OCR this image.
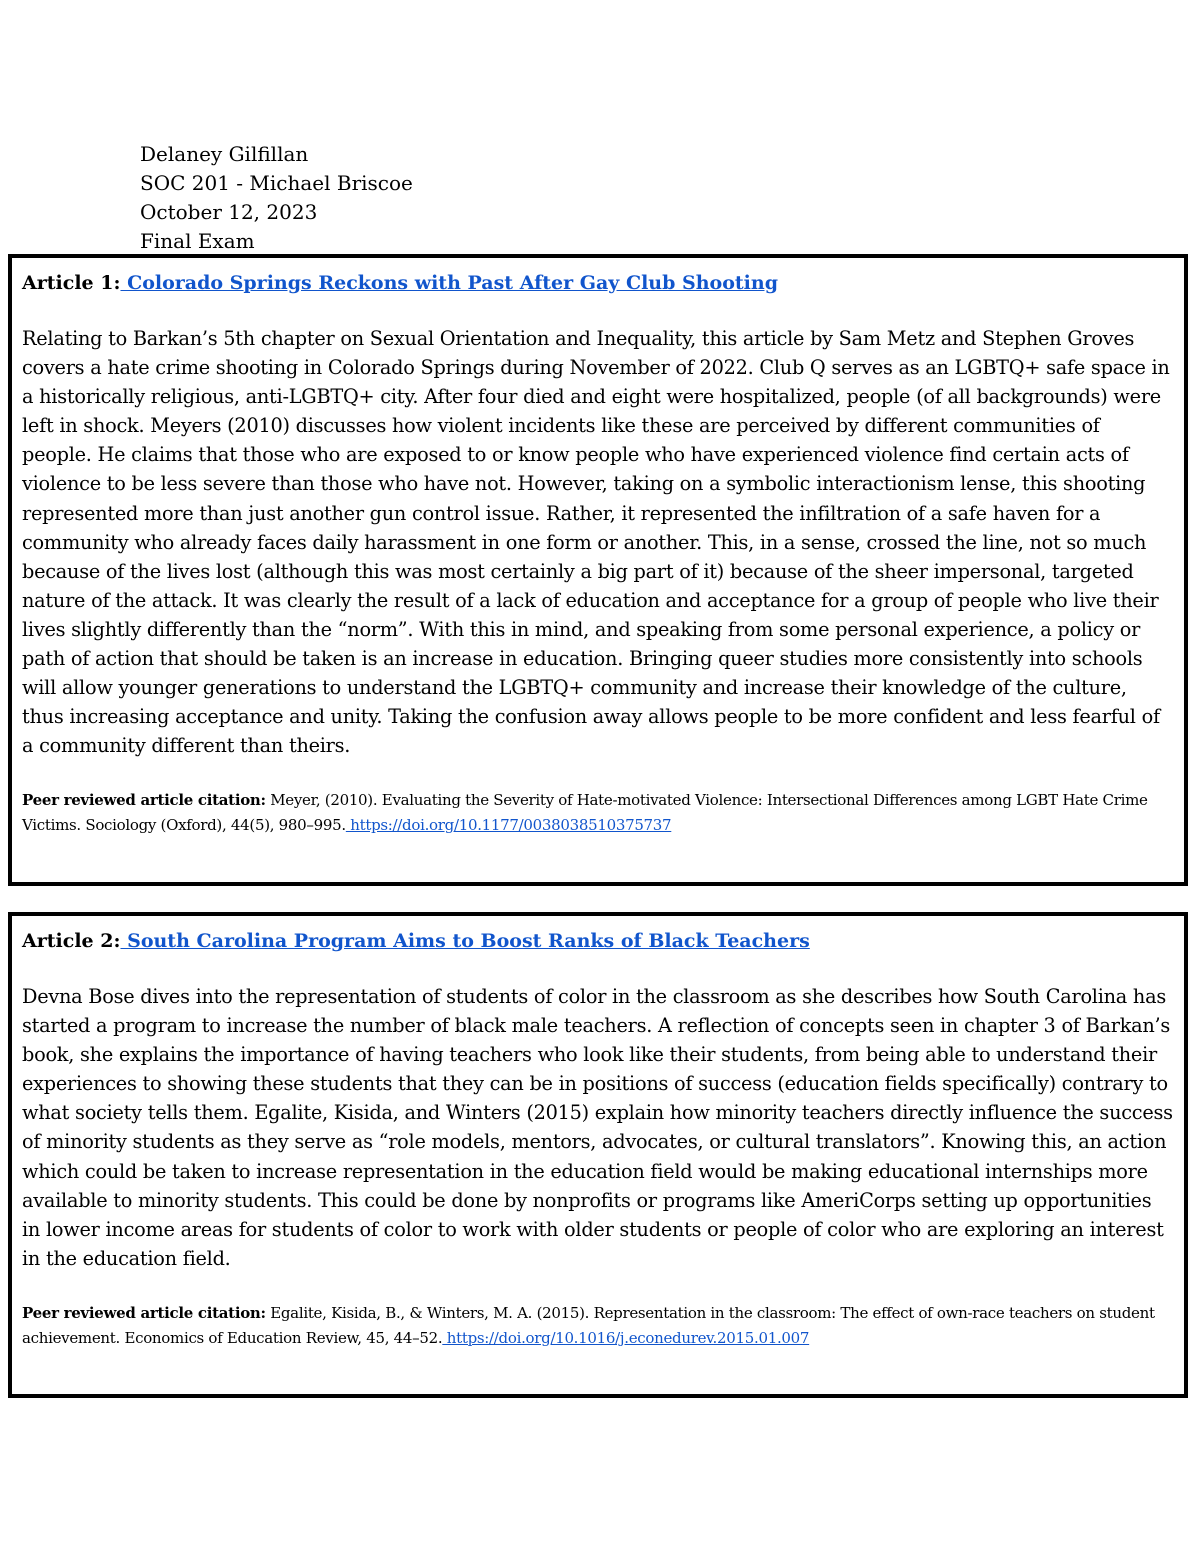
Delaney Gilfillan
SOC 201 - Michael Briscoe
October 12, 2023
Final Exam
Article 1: Colorado Springs Reckons with Past After Gay Club Shooting
Relating to Barkan’s 5th chapter on Sexual Orientation and Inequality, this article by Sam Metz and Stephen Groves covers a hate crime shooting in Colorado Springs during November of 2022. Club Q serves as an LGBTQ+ safe space in a historically religious, anti-LGBTQ+ city. After four died and eight were hospitalized, people (of all backgrounds) were left in shock. Meyers (2010) discusses how violent incidents like these are perceived by different communities of people. He claims that those who are exposed to or know people who have experienced violence find certain acts of violence to be less severe than those who have not. However, taking on a symbolic interactionism lense, this shooting represented more than just another gun control issue. Rather, it represented the infiltration of a safe haven for a community who already faces daily harassment in one form or another. This, in a sense, crossed the line, not so much because of the lives lost (although this was most certainly a big part of it) because of the sheer impersonal, targeted nature of the attack. It was clearly the result of a lack of education and acceptance for a group of people who live their lives slightly differently than the “norm”. With this in mind, and speaking from some personal experience, a policy or path of action that should be taken is an increase in education. Bringing queer studies more consistently into schools will allow younger generations to understand the LGBTQ+ community and increase their knowledge of the culture, thus increasing acceptance and unity. Taking the confusion away allows people to be more confident and less fearful of a community different than theirs.
Peer reviewed article citation: Meyer, (2010). Evaluating the Severity of Hate-motivated Violence: Intersectional Differences among LGBT Hate Crime Victims. Sociology (Oxford), 44(5), 980–995. https://doi.org/10.1177/0038038510375737
Article 2: South Carolina Program Aims to Boost Ranks of Black Teachers
Devna Bose dives into the representation of students of color in the classroom as she describes how South Carolina has started a program to increase the number of black male teachers. A reflection of concepts seen in chapter 3 of Barkan’s book, she explains the importance of having teachers who look like their students, from being able to understand their experiences to showing these students that they can be in positions of success (education fields specifically) contrary to what society tells them. Egalite, Kisida, and Winters (2015) explain how minority teachers directly influence the success of minority students as they serve as “role models, mentors, advocates, or cultural translators”. Knowing this, an action which could be taken to increase representation in the education field would be making educational internships more available to minority students. This could be done by nonprofits or programs like AmeriCorps setting up opportunities in lower income areas for students of color to work with older students or people of color who are exploring an interest in the education field.
Peer reviewed article citation: Egalite, Kisida, B., & Winters, M. A. (2015). Representation in the classroom: The effect of own-race teachers on student achievement. Economics of Education Review, 45, 44–52. https://doi.org/10.1016/j.econedurev.2015.01.007
